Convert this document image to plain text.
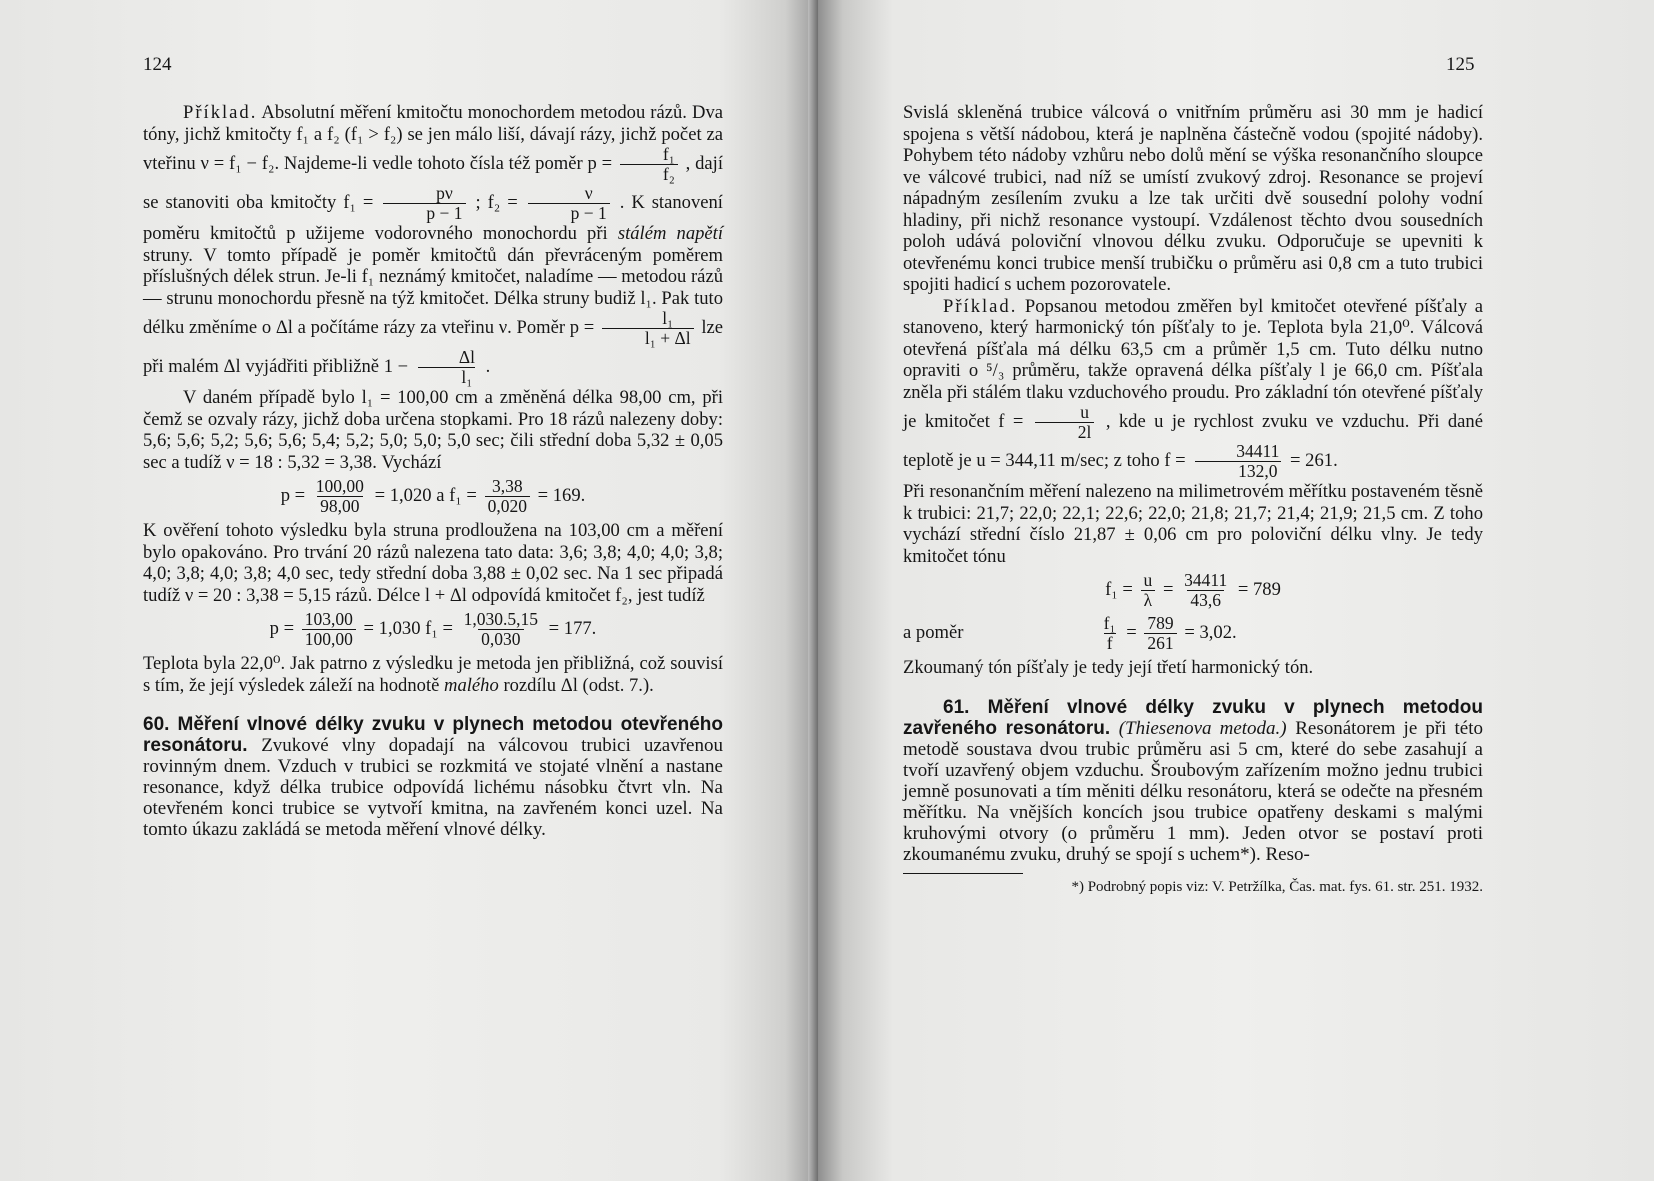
124

Příklad. Absolutní měření kmitočtu monochordem metodou rázů. Dva tóny, jichž kmitočty f₁ a f₂ (f₁ > f₂) se jen málo liší, dávají rázy, jichž počet za vteřinu ν = f₁ − f₂. Najdeme-li vedle tohoto čísla též poměr $p = \frac{\text{f₁}}{\text{f₂}}$ , dají se stanoviti oba kmitočty $f_1 = \frac{p\nu}{p - 1}$ ; $f_2 = \frac{\nu}{p - 1}$ . K stanovení poměru kmitočtů p užijeme vodorovného monochordu při stálém napětí struny. V tomto případě je poměr kmitočtů dán převráceným poměrem příslušných délek strun. Je-li f₁ neznámý kmitočet, naladíme — metodou rázů — strunu monochordu přesně na týž kmitočet. Délka struny budiž l₁. Pak tuto délku změníme o Δl a počítáme rázy za vteřinu ν. Poměr $p = \frac{\text{l₁}}{\text{l₁ + Δl}}$ lze při malém Δl vyjádřiti přibližně $1 - \frac{\Delta l}{\text{l₁}}$ .

V daném případě bylo l₁ = 100,00 cm a změněná délka 98,00 cm, při čemž se ozvaly rázy, jichž doba určena stopkami. Pro 18 rázů nalezeny doby: 5,6; 5,6; 5,2; 5,6; 5,6; 5,4; 5,2; 5,0; 5,0; 5,0 sec; čili střední doba 5,32 ± 0,05 sec a tudíž ν = 18 : 5,32 = 3,38. Vychází

$p = \frac{100,00}{98,00} = 1,020$ a $f_1 = \frac{3,38}{0,020} = 169$.

K ověření tohoto výsledku byla struna prodloužena na 103,00 cm a měření bylo opakováno. Pro trvání 20 rázů nalezena tato data: 3,6; 3,8; 4,0; 4,0; 3,8; 4,0; 3,8; 4,0; 3,8; 4,0 sec, tedy střední doba 3,88 ± 0,02 sec. Na 1 sec připadá tudíž ν = 20 : 3,38 = 5,15 rázů. Délce l + Δl odpovídá kmitočet f₂, jest tudíž

$p = \frac{103,00}{100,00} = 1,030$ $f_1 = \frac{1,030.5,15}{0,030} = 177$.

Teplota byla 22,0⁰. Jak patrno z výsledku je metoda jen přibližná, což souvisí s tím, že její výsledek záleží na hodnotě malého rozdílu Δl (odst. 7.).

60. Měření vlnové délky zvuku v plynech metodou otevřeného resonátoru. Zvukové vlny dopadají na válcovou trubici uzavřenou rovinným dnem. Vzduch v trubici se rozkmitá ve stojaté vlnění a nastane resonance, když délka trubice odpovídá lichému násobku čtvrt vln. Na otevřeném konci trubice se vytvoří kmitna, na zavřeném konci uzel. Na tomto úkazu zakládá se metoda měření vlnové délky.
125

Svislá skleněná trubice válcová o vnitřním průměru asi 30 mm je hadicí spojena s větší nádobou, která je naplněna částečně vodou (spojité nádoby). Pohybem této nádoby vzhůru nebo dolů mění se výška resonančního sloupce ve válcové trubici, nad níž se umístí zvukový zdroj. Resonance se projeví nápadným zesílením zvuku a lze tak určiti dvě sousední polohy vodní hladiny, při nichž resonance vystoupí. Vzdálenost těchto dvou sousedních poloh udává poloviční vlnovou délku zvuku. Odporučuje se upevniti k otevřenému konci trubice menší trubičku o průměru asi 0,8 cm a tuto trubici spojiti hadicí s uchem pozorovatele.

Příklad. Popsanou metodou změřen byl kmitočet otevřené píšťaly a stanoveno, který harmonický tón píšťaly to je. Teplota byla 21,0⁰. Válcová otevřená píšťala má délku 63,5 cm a průměr 1,5 cm. Tuto délku nutno opraviti o ⁵/₃ průměru, takže opravená délka píšťaly l je 66,0 cm. Píšťala zněla při stálém tlaku vzduchového proudu. Pro základní tón otevřené píšťaly je kmitočet $f = \frac{u}{2l}$ , kde u je rychlost zvuku ve vzduchu. Při dané teplotě je u = 344,11 m/sec; z toho $f = \frac{34411}{132,0} = 261$.

Při resonančním měření nalezeno na milimetrovém měřítku postaveném těsně k trubici: 21,7; 22,0; 22,1; 22,6; 22,0; 21,8; 21,7; 21,4; 21,9; 21,5 cm. Z toho vychází střední číslo 21,87 ± 0,06 cm pro poloviční délku vlny. Je tedy kmitočet tónu

$f_1 = \frac{u}{\lambda} = \frac{34411}{43,6} = 789$
a poměr	$\frac{\text{f₁}}{f} = \frac{789}{261} = 3,02$.

Zkoumaný tón píšťaly je tedy její třetí harmonický tón.

61. Měření vlnové délky zvuku v plynech metodou zavřeného resonátoru. (Thiesenova metoda.) Resonátorem je při této metodě soustava dvou trubic průměru asi 5 cm, které do sebe zasahují a tvoří uzavřený objem vzduchu. Šroubovým zařízením možno jednu trubici jemně posunovati a tím měniti délku resonátoru, která se odečte na přesném měřítku. Na vnějších koncích jsou trubice opatřeny deskami s malými kruhovými otvory (o průměru 1 mm). Jeden otvor se postaví proti zkoumanému zvuku, druhý se spojí s uchem*). Reso-

*) Podrobný popis viz: V. Petržílka, Čas. mat. fys. 61. str. 251. 1932.
